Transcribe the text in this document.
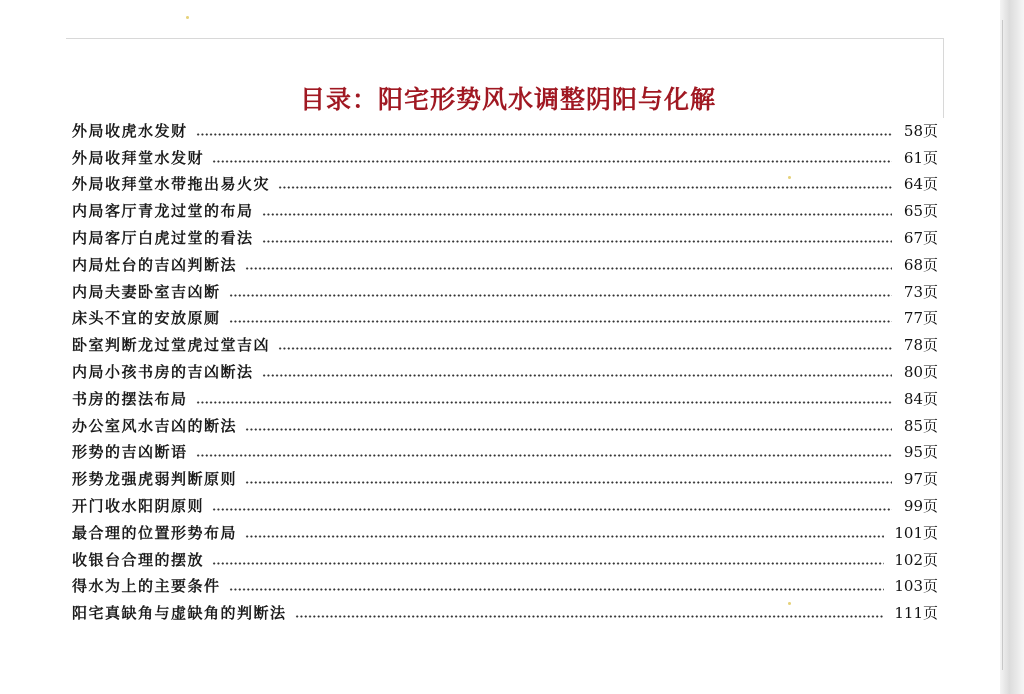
目录：阳宅形势风水调整阴阳与化解
外局收虎水发财	58页
外局收拜堂水发财	61页
外局收拜堂水带拖出易火灾	64页
内局客厅青龙过堂的布局	65页
内局客厅白虎过堂的看法	67页
内局灶台的吉凶判断法	68页
内局夫妻卧室吉凶断	73页
床头不宜的安放原厕	77页
卧室判断龙过堂虎过堂吉凶	78页
内局小孩书房的吉凶断法	80页
书房的摆法布局	84页
办公室风水吉凶的断法	85页
形势的吉凶断语	95页
形势龙强虎弱判断原则	97页
开门收水阳阴原则	99页
最合理的位置形势布局	101页
收银台合理的摆放	102页
得水为上的主要条件	103页
阳宅真缺角与虚缺角的判断法	111页
